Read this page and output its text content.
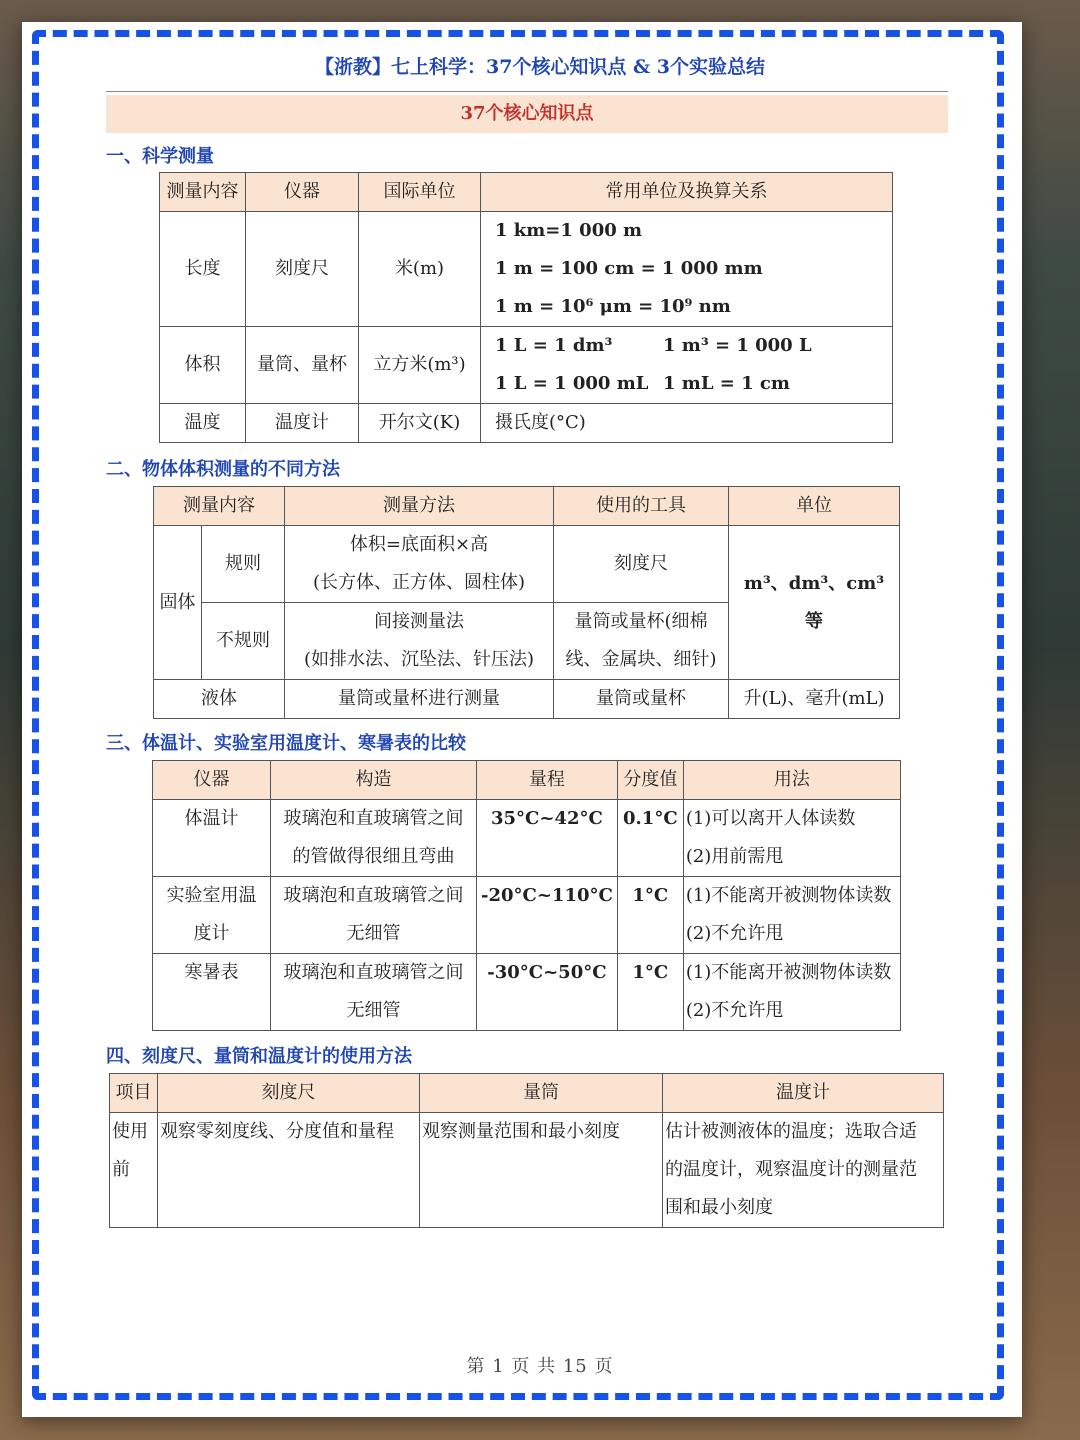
【浙教】七上科学：37个核心知识点 & 3个实验总结
37个核心知识点
一、科学测量
测量内容	仪器	国际单位	常用单位及换算关系
长度	刻度尺	米(m)	1 km=1 000 m
			1 m = 100 cm = 1 000 mm
			1 m = 10⁶ μm = 10⁹ nm
体积	量筒、量杯	立方米(m³)	1 L = 1 dm³ 1 m³ = 1 000 L
			1 L = 1 000 mL 1 mL = 1 cm
温度	温度计	开尔文(K)	摄氏度(°C)
二、物体体积测量的不同方法
测量内容		测量方法	使用的工具	单位
固体	规则	体积=底面积×高	刻度尺	m³、dm³、cm³ 等
		(长方体、正方体、圆柱体)		
	不规则	间接测量法	量筒或量杯(细棉	
		(如排水法、沉坠法、针压法)	线、金属块、细针)	
液体		量筒或量杯进行测量	量筒或量杯	升(L)、毫升(mL)
三、体温计、实验室用温度计、寒暑表的比较
仪器	构造	量程	分度值	用法
体温计	玻璃泡和直玻璃管之间	35°C~42°C	0.1°C	(1)可以离开人体读数
	的管做得很细且弯曲			(2)用前需甩
实验室用温	玻璃泡和直玻璃管之间	-20°C~110°C	1°C	(1)不能离开被测物体读数
度计	无细管			(2)不允许甩
寒暑表	玻璃泡和直玻璃管之间	-30°C~50°C	1°C	(1)不能离开被测物体读数
	无细管			(2)不允许甩
四、刻度尺、量筒和温度计的使用方法
项目	刻度尺	量筒	温度计
使用	观察零刻度线、分度值和量程	观察测量范围和最小刻度	估计被测液体的温度；选取合适
前			的温度计，观察温度计的测量范
			围和最小刻度
第 1 页 共 15 页
